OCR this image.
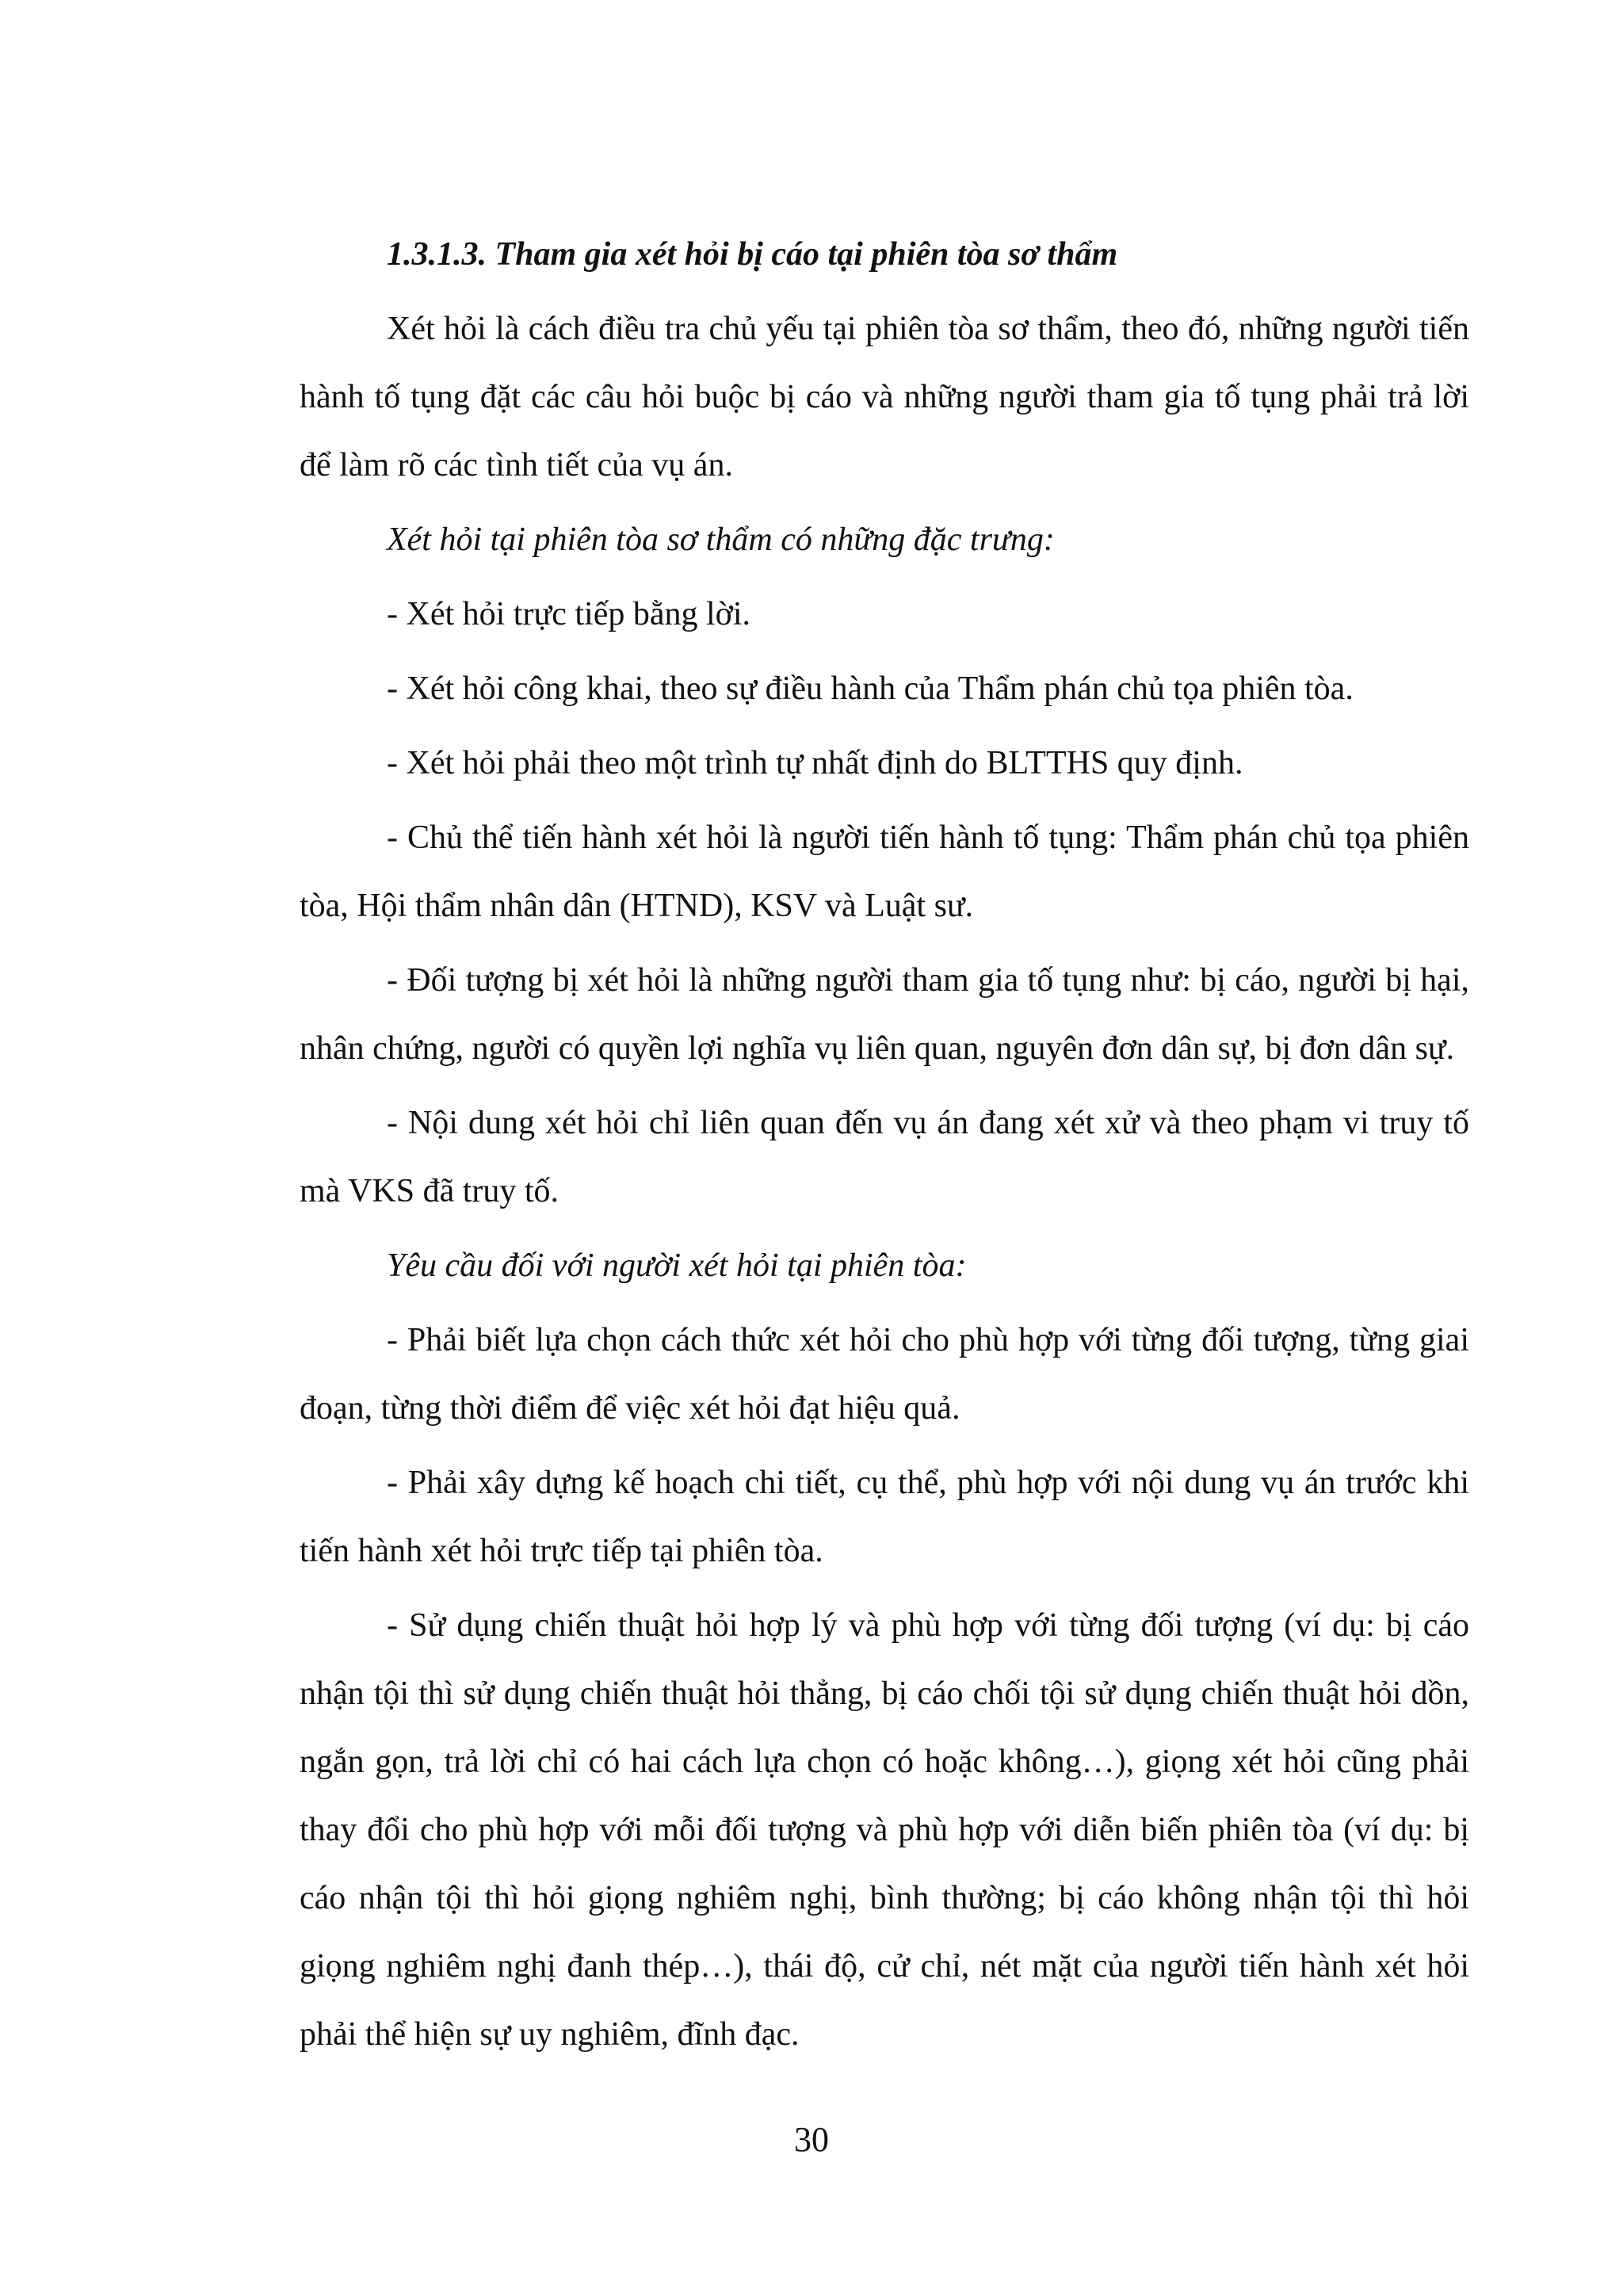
1.3.1.3. Tham gia xét hỏi bị cáo tại phiên tòa sơ thẩm

Xét hỏi là cách điều tra chủ yếu tại phiên tòa sơ thẩm, theo đó, những người tiến hành tố tụng đặt các câu hỏi buộc bị cáo và những người tham gia tố tụng phải trả lời để làm rõ các tình tiết của vụ án.

Xét hỏi tại phiên tòa sơ thẩm có những đặc trưng:

- Xét hỏi trực tiếp bằng lời.

- Xét hỏi công khai, theo sự điều hành của Thẩm phán chủ tọa phiên tòa.

- Xét hỏi phải theo một trình tự nhất định do BLTTHS quy định.

- Chủ thể tiến hành xét hỏi là người tiến hành tố tụng: Thẩm phán chủ tọa phiên tòa, Hội thẩm nhân dân (HTND), KSV và Luật sư.

- Đối tượng bị xét hỏi là những người tham gia tố tụng như: bị cáo, người bị hại, nhân chứng, người có quyền lợi nghĩa vụ liên quan, nguyên đơn dân sự, bị đơn dân sự.

- Nội dung xét hỏi chỉ liên quan đến vụ án đang xét xử và theo phạm vi truy tố mà VKS đã truy tố.

Yêu cầu đối với người xét hỏi tại phiên tòa:

- Phải biết lựa chọn cách thức xét hỏi cho phù hợp với từng đối tượng, từng giai đoạn, từng thời điểm để việc xét hỏi đạt hiệu quả.

- Phải xây dựng kế hoạch chi tiết, cụ thể, phù hợp với nội dung vụ án trước khi tiến hành xét hỏi trực tiếp tại phiên tòa.

- Sử dụng chiến thuật hỏi hợp lý và phù hợp với từng đối tượng (ví dụ: bị cáo nhận tội thì sử dụng chiến thuật hỏi thẳng, bị cáo chối tội sử dụng chiến thuật hỏi dồn, ngắn gọn, trả lời chỉ có hai cách lựa chọn có hoặc không…), giọng xét hỏi cũng phải thay đổi cho phù hợp với mỗi đối tượng và phù hợp với diễn biến phiên tòa (ví dụ: bị cáo nhận tội thì hỏi giọng nghiêm nghị, bình thường; bị cáo không nhận tội thì hỏi giọng nghiêm nghị đanh thép…), thái độ, cử chỉ, nét mặt của người tiến hành xét hỏi phải thể hiện sự uy nghiêm, đĩnh đạc.

30
